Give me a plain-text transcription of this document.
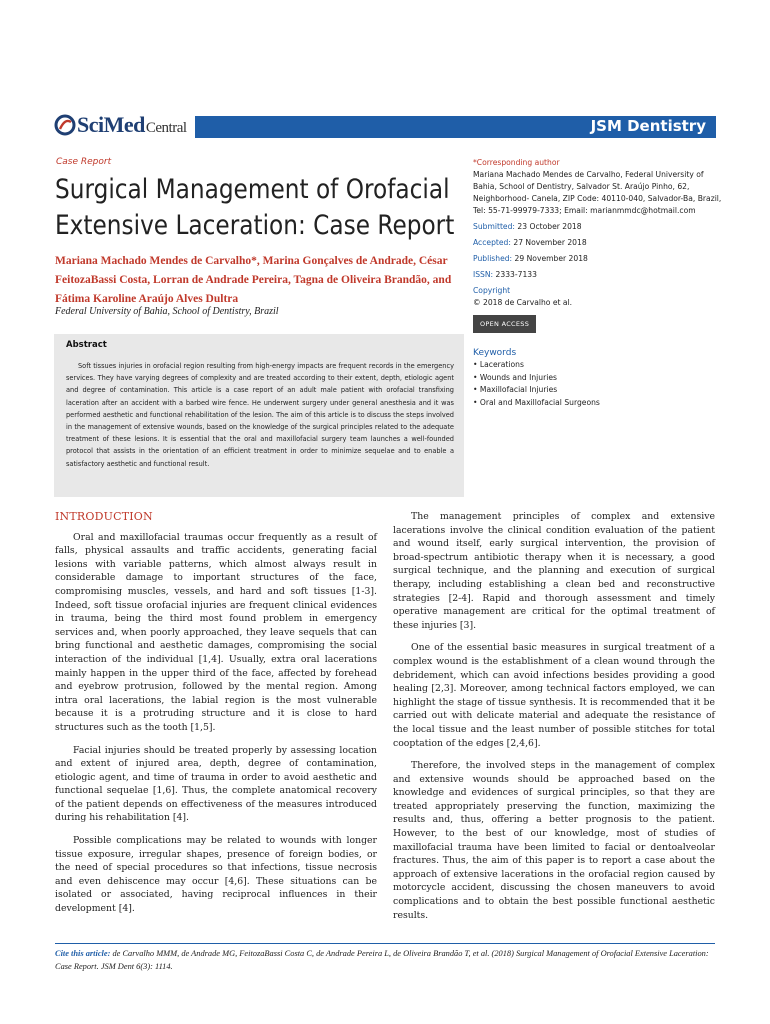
SciMedCentral	JSM Dentistry
Case Report
Surgical Management of Orofacial Extensive Laceration: Case Report
Mariana Machado Mendes de Carvalho*, Marina Gonçalves de Andrade, César FeitozaBassi Costa, Lorran de Andrade Pereira, Tagna de Oliveira Brandão, and Fátima Karoline Araújo Alves Dultra
Federal University of Bahia, School of Dentistry, Brazil
Abstract
Soft tissues injuries in orofacial region resulting from high-energy impacts are frequent records in the emergency services. They have varying degrees of complexity and are treated according to their extent, depth, etiologic agent and degree of contamination. This article is a case report of an adult male patient with orofacial transfixing laceration after an accident with a barbed wire fence. He underwent surgery under general anesthesia and it was performed aesthetic and functional rehabilitation of the lesion. The aim of this article is to discuss the steps involved in the management of extensive wounds, based on the knowledge of the surgical principles related to the adequate treatment of these lesions. It is essential that the oral and maxillofacial surgery team launches a well-founded protocol that assists in the orientation of an efficient treatment in order to minimize sequelae and to enable a satisfactory aesthetic and functional result.
*Corresponding author
Mariana Machado Mendes de Carvalho, Federal University of Bahia, School of Dentistry, Salvador St. Araújo Pinho, 62, Neighborhood- Canela, ZIP Code: 40110-040, Salvador-Ba, Brazil, Tel: 55-71-99979-7333; Email: marianmmdc@hotmail.com
Submitted: 23 October 2018
Accepted: 27 November 2018
Published: 29 November 2018
ISSN: 2333-7133
Copyright
© 2018 de Carvalho et al.
OPEN ACCESS
Keywords
• Lacerations
• Wounds and Injuries
• Maxillofacial Injuries
• Oral and Maxillofacial Surgeons
INTRODUCTION

Oral and maxillofacial traumas occur frequently as a result of falls, physical assaults and traffic accidents, generating facial lesions with variable patterns, which almost always result in considerable damage to important structures of the face, compromising muscles, vessels, and hard and soft tissues [1-3]. Indeed, soft tissue orofacial injuries are frequent clinical evidences in trauma, being the third most found problem in emergency services and, when poorly approached, they leave sequels that can bring functional and aesthetic damages, compromising the social interaction of the individual [1,4]. Usually, extra oral lacerations mainly happen in the upper third of the face, affected by forehead and eyebrow protrusion, followed by the mental region. Among intra oral lacerations, the labial region is the most vulnerable because it is a protruding structure and it is close to hard structures such as the tooth [1,5].

Facial injuries should be treated properly by assessing location and extent of injured area, depth, degree of contamination, etiologic agent, and time of trauma in order to avoid aesthetic and functional sequelae [1,6]. Thus, the complete anatomical recovery of the patient depends on effectiveness of the measures introduced during his rehabilitation [4].

Possible complications may be related to wounds with longer tissue exposure, irregular shapes, presence of foreign bodies, or the need of special procedures so that infections, tissue necrosis and even dehiscence may occur [4,6]. These situations can be isolated or associated, having reciprocal influences in their development [4].

The management principles of complex and extensive lacerations involve the clinical condition evaluation of the patient and wound itself, early surgical intervention, the provision of broad-spectrum antibiotic therapy when it is necessary, a good surgical technique, and the planning and execution of surgical therapy, including establishing a clean bed and reconstructive strategies [2-4]. Rapid and thorough assessment and timely operative management are critical for the optimal treatment of these injuries [3].

One of the essential basic measures in surgical treatment of a complex wound is the establishment of a clean wound through the debridement, which can avoid infections besides providing a good healing [2,3]. Moreover, among technical factors employed, we can highlight the stage of tissue synthesis. It is recommended that it be carried out with delicate material and adequate the resistance of the local tissue and the least number of possible stitches for total cooptation of the edges [2,4,6].

Therefore, the involved steps in the management of complex and extensive wounds should be approached based on the knowledge and evidences of surgical principles, so that they are treated appropriately preserving the function, maximizing the results and, thus, offering a better prognosis to the patient. However, to the best of our knowledge, most of studies of maxillofacial trauma have been limited to facial or dentoalveolar fractures. Thus, the aim of this paper is to report a case about the approach of extensive lacerations in the orofacial region caused by motorcycle accident, discussing the chosen maneuvers to avoid complications and to obtain the best possible functional aesthetic results.

Cite this article: de Carvalho MMM, de Andrade MG, FeitozaBassi Costa C, de Andrade Pereira L, de Oliveira Brandão T, et al. (2018) Surgical Management of Orofacial Extensive Laceration: Case Report. JSM Dent 6(3): 1114.
